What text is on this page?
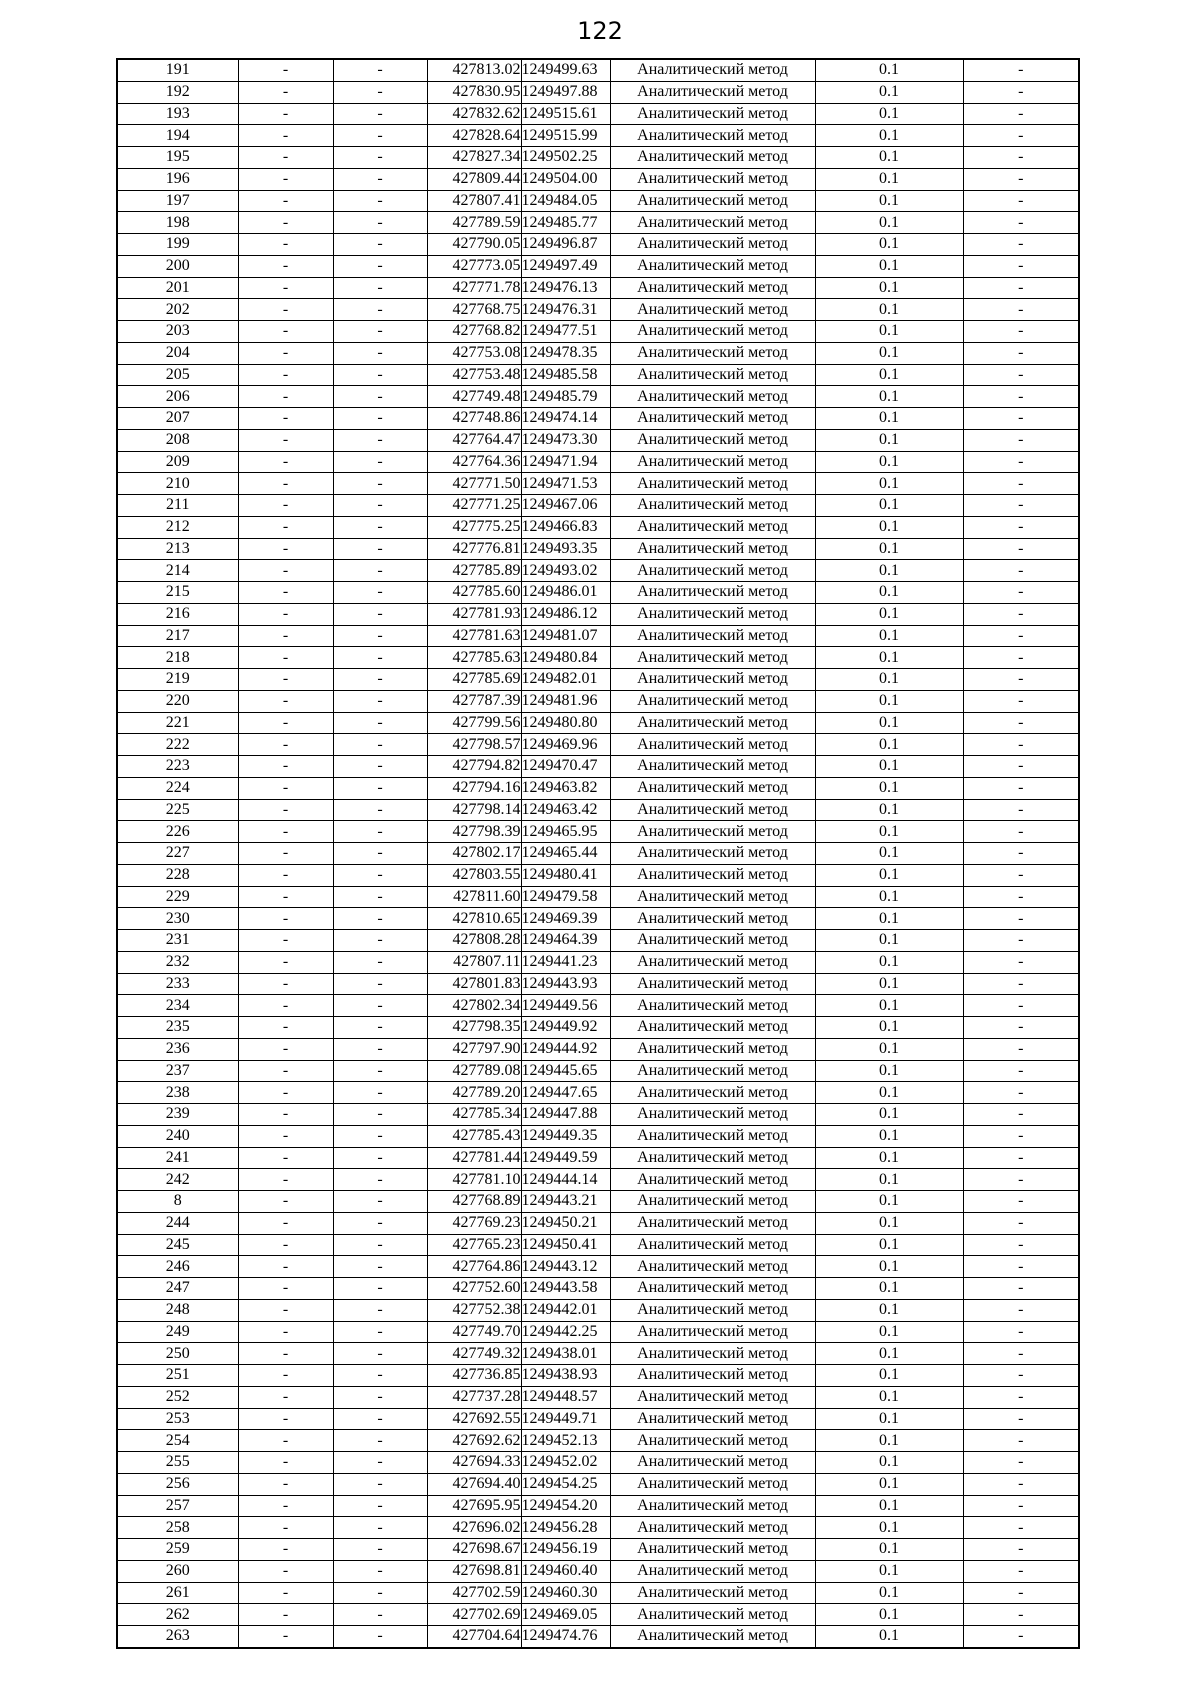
122
191	-	-	427813.02	1249499.63	Аналитический метод	0.1	-
192	-	-	427830.95	1249497.88	Аналитический метод	0.1	-
193	-	-	427832.62	1249515.61	Аналитический метод	0.1	-
194	-	-	427828.64	1249515.99	Аналитический метод	0.1	-
195	-	-	427827.34	1249502.25	Аналитический метод	0.1	-
196	-	-	427809.44	1249504.00	Аналитический метод	0.1	-
197	-	-	427807.41	1249484.05	Аналитический метод	0.1	-
198	-	-	427789.59	1249485.77	Аналитический метод	0.1	-
199	-	-	427790.05	1249496.87	Аналитический метод	0.1	-
200	-	-	427773.05	1249497.49	Аналитический метод	0.1	-
201	-	-	427771.78	1249476.13	Аналитический метод	0.1	-
202	-	-	427768.75	1249476.31	Аналитический метод	0.1	-
203	-	-	427768.82	1249477.51	Аналитический метод	0.1	-
204	-	-	427753.08	1249478.35	Аналитический метод	0.1	-
205	-	-	427753.48	1249485.58	Аналитический метод	0.1	-
206	-	-	427749.48	1249485.79	Аналитический метод	0.1	-
207	-	-	427748.86	1249474.14	Аналитический метод	0.1	-
208	-	-	427764.47	1249473.30	Аналитический метод	0.1	-
209	-	-	427764.36	1249471.94	Аналитический метод	0.1	-
210	-	-	427771.50	1249471.53	Аналитический метод	0.1	-
211	-	-	427771.25	1249467.06	Аналитический метод	0.1	-
212	-	-	427775.25	1249466.83	Аналитический метод	0.1	-
213	-	-	427776.81	1249493.35	Аналитический метод	0.1	-
214	-	-	427785.89	1249493.02	Аналитический метод	0.1	-
215	-	-	427785.60	1249486.01	Аналитический метод	0.1	-
216	-	-	427781.93	1249486.12	Аналитический метод	0.1	-
217	-	-	427781.63	1249481.07	Аналитический метод	0.1	-
218	-	-	427785.63	1249480.84	Аналитический метод	0.1	-
219	-	-	427785.69	1249482.01	Аналитический метод	0.1	-
220	-	-	427787.39	1249481.96	Аналитический метод	0.1	-
221	-	-	427799.56	1249480.80	Аналитический метод	0.1	-
222	-	-	427798.57	1249469.96	Аналитический метод	0.1	-
223	-	-	427794.82	1249470.47	Аналитический метод	0.1	-
224	-	-	427794.16	1249463.82	Аналитический метод	0.1	-
225	-	-	427798.14	1249463.42	Аналитический метод	0.1	-
226	-	-	427798.39	1249465.95	Аналитический метод	0.1	-
227	-	-	427802.17	1249465.44	Аналитический метод	0.1	-
228	-	-	427803.55	1249480.41	Аналитический метод	0.1	-
229	-	-	427811.60	1249479.58	Аналитический метод	0.1	-
230	-	-	427810.65	1249469.39	Аналитический метод	0.1	-
231	-	-	427808.28	1249464.39	Аналитический метод	0.1	-
232	-	-	427807.11	1249441.23	Аналитический метод	0.1	-
233	-	-	427801.83	1249443.93	Аналитический метод	0.1	-
234	-	-	427802.34	1249449.56	Аналитический метод	0.1	-
235	-	-	427798.35	1249449.92	Аналитический метод	0.1	-
236	-	-	427797.90	1249444.92	Аналитический метод	0.1	-
237	-	-	427789.08	1249445.65	Аналитический метод	0.1	-
238	-	-	427789.20	1249447.65	Аналитический метод	0.1	-
239	-	-	427785.34	1249447.88	Аналитический метод	0.1	-
240	-	-	427785.43	1249449.35	Аналитический метод	0.1	-
241	-	-	427781.44	1249449.59	Аналитический метод	0.1	-
242	-	-	427781.10	1249444.14	Аналитический метод	0.1	-
8	-	-	427768.89	1249443.21	Аналитический метод	0.1	-
244	-	-	427769.23	1249450.21	Аналитический метод	0.1	-
245	-	-	427765.23	1249450.41	Аналитический метод	0.1	-
246	-	-	427764.86	1249443.12	Аналитический метод	0.1	-
247	-	-	427752.60	1249443.58	Аналитический метод	0.1	-
248	-	-	427752.38	1249442.01	Аналитический метод	0.1	-
249	-	-	427749.70	1249442.25	Аналитический метод	0.1	-
250	-	-	427749.32	1249438.01	Аналитический метод	0.1	-
251	-	-	427736.85	1249438.93	Аналитический метод	0.1	-
252	-	-	427737.28	1249448.57	Аналитический метод	0.1	-
253	-	-	427692.55	1249449.71	Аналитический метод	0.1	-
254	-	-	427692.62	1249452.13	Аналитический метод	0.1	-
255	-	-	427694.33	1249452.02	Аналитический метод	0.1	-
256	-	-	427694.40	1249454.25	Аналитический метод	0.1	-
257	-	-	427695.95	1249454.20	Аналитический метод	0.1	-
258	-	-	427696.02	1249456.28	Аналитический метод	0.1	-
259	-	-	427698.67	1249456.19	Аналитический метод	0.1	-
260	-	-	427698.81	1249460.40	Аналитический метод	0.1	-
261	-	-	427702.59	1249460.30	Аналитический метод	0.1	-
262	-	-	427702.69	1249469.05	Аналитический метод	0.1	-
263	-	-	427704.64	1249474.76	Аналитический метод	0.1	-
